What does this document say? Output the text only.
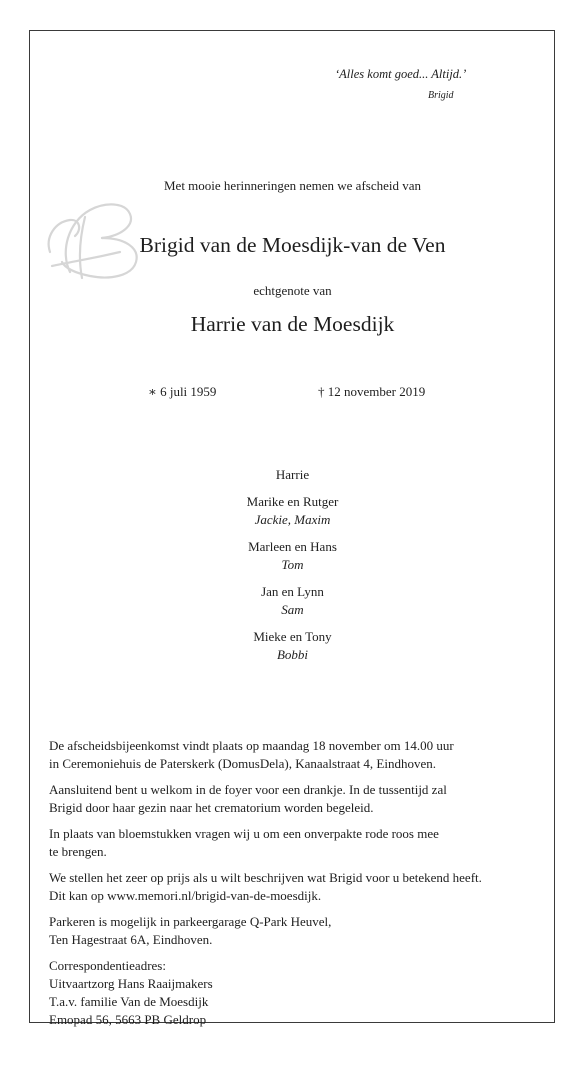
‘Alles komt goed... Altijd.’
Brigid
Met mooie herinneringen nemen we afscheid van
Brigid van de Moesdijk-van de Ven
echtgenote van
Harrie van de Moesdijk
∗ 6 juli 1959	† 12 november 2019
Harrie
Marike en Rutger
Jackie, Maxim
Marleen en Hans
Tom
Jan en Lynn
Sam
Mieke en Tony
Bobbi

De afscheidsbijeenkomst vindt plaats op maandag 18 november om 14.00 uur
in Ceremoniehuis de Paterskerk (DomusDela), Kanaalstraat 4, Eindhoven.

Aansluitend bent u welkom in de foyer voor een drankje. In de tussentijd zal
Brigid door haar gezin naar het crematorium worden begeleid.

In plaats van bloemstukken vragen wij u om een onverpakte rode roos mee
te brengen.

We stellen het zeer op prijs als u wilt beschrijven wat Brigid voor u betekend heeft.
Dit kan op www.memori.nl/brigid-van-de-moesdijk.

Parkeren is mogelijk in parkeergarage Q-Park Heuvel,
Ten Hagestraat 6A, Eindhoven.

Correspondentieadres:
Uitvaartzorg Hans Raaijmakers
T.a.v. familie Van de Moesdijk
Emopad 56, 5663 PB Geldrop
